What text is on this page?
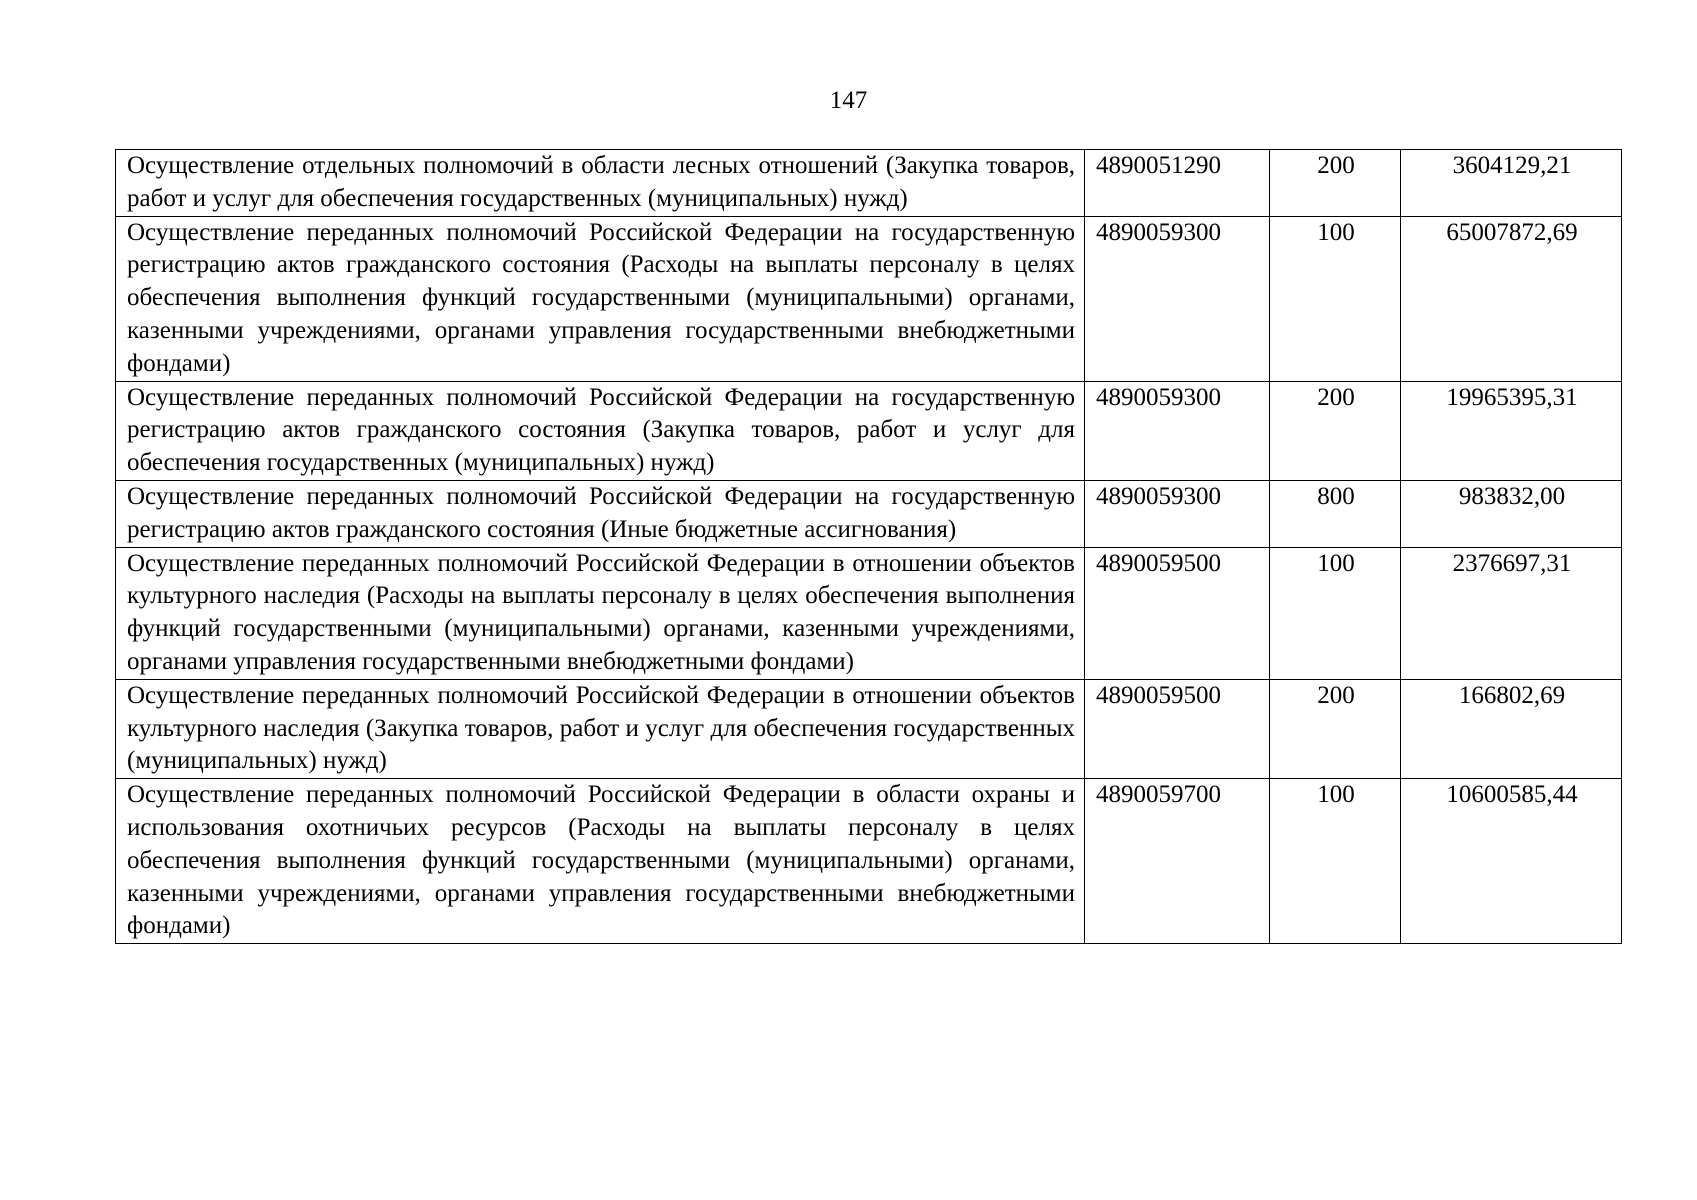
147
Осуществление отдельных полномочий в области лесных отношений (Закупка товаров, работ и услуг для обеспечения государственных (муниципальных) нужд)	4890051290	200	3604129,21
Осуществление переданных полномочий Российской Федерации на государственную регистрацию актов гражданского состояния (Расходы на выплаты персоналу в целях обеспечения выполнения функций государственными (муниципальными) органами, казенными учреждениями, органами управления государственными внебюджетными фондами)	4890059300	100	65007872,69
Осуществление переданных полномочий Российской Федерации на государственную регистрацию актов гражданского состояния (Закупка товаров, работ и услуг для обеспечения государственных (муниципальных) нужд)	4890059300	200	19965395,31
Осуществление переданных полномочий Российской Федерации на государственную регистрацию актов гражданского состояния (Иные бюджетные ассигнования)	4890059300	800	983832,00
Осуществление переданных полномочий Российской Федерации в отношении объектов культурного наследия (Расходы на выплаты персоналу в целях обеспечения выполнения функций государственными (муниципальными) органами, казенными учреждениями, органами управления государственными внебюджетными фондами)	4890059500	100	2376697,31
Осуществление переданных полномочий Российской Федерации в отношении объектов культурного наследия (Закупка товаров, работ и услуг для обеспечения государственных (муниципальных) нужд)	4890059500	200	166802,69
Осуществление переданных полномочий Российской Федерации в области охраны и использования охотничьих ресурсов (Расходы на выплаты персоналу в целях обеспечения выполнения функций государственными (муниципальными) органами, казенными учреждениями, органами управления государственными внебюджетными фондами)	4890059700	100	10600585,44
